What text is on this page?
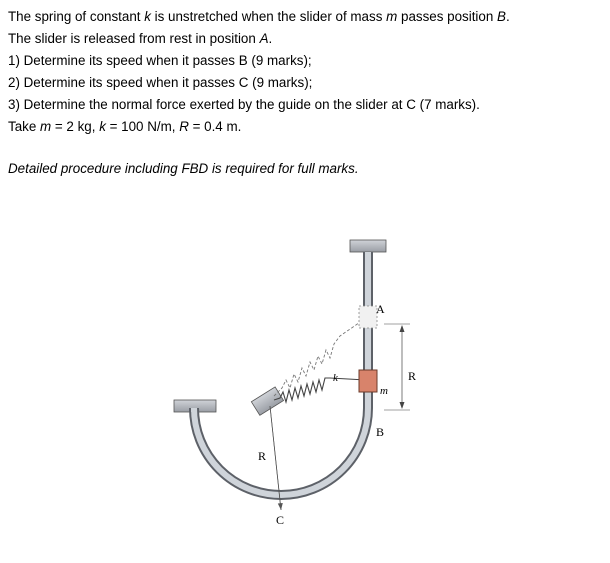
The spring of constant k is unstretched when the slider of mass m passes position B.
The slider is released from rest in position A.
1) Determine its speed when it passes B (9 marks);
2) Determine its speed when it passes C (9 marks);
3) Determine the normal force exerted by the guide on the slider at C (7 marks).
Take m = 2 kg, k = 100 N/m, R = 0.4 m.
Detailed procedure including FBD is required for full marks.
A
R
k
m
B
R
C
